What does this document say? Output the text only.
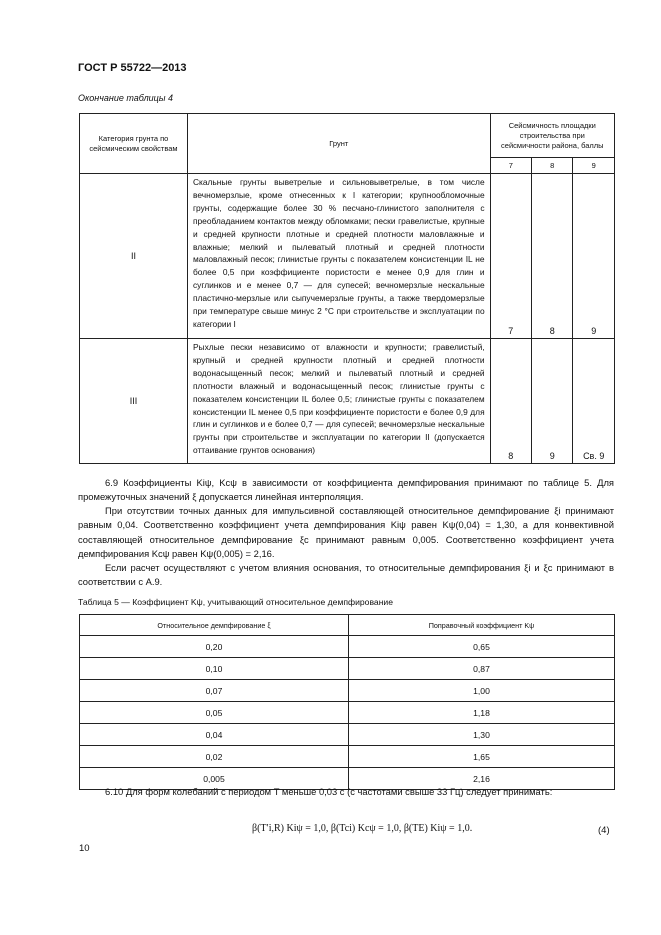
ГОСТ Р 55722—2013
Окончание таблицы 4
Категория грунта по сейсмическим свойствам	Грунт	Сейсмичность площадки строительства при сейсмичности района, баллы		
		7	8	9
II	Скальные грунты выветрелые и сильновыветрелые, в том числе вечномерзлые, кроме отнесенных к I категории; крупнообломочные грунты, содержащие более 30 % песчано-глинистого заполнителя с преобладанием контактов между обломками; пески гравелистые, крупные и средней крупности плотные и средней плотности маловлажные и влажные; мелкий и пылеватый плотный и средней плотности маловлажный песок; глинистые грунты с показателем консистенции IL не более 0,5 при коэффициенте пористости e менее 0,9 для глин и суглинков и e менее 0,7 — для супесей; вечномерзлые нескальные пластично-мерзлые или сыпучемерзлые грунты, а также твердомерзлые при температуре свыше минус 2 °С при строительстве и эксплуатации по категории I	7	8	9
III	Рыхлые пески независимо от влажности и крупности; гравелистый, крупный и средней крупности плотный и средней плотности водонасыщенный песок; мелкий и пылеватый плотный и средней плотности влажный и водонасыщенный песок; глинистые грунты с показателем консистенции IL более 0,5; глинистые грунты с показателем консистенции IL менее 0,5 при коэффициенте пористости e более 0,9 для глин и суглинков и e более 0,7 — для супесей; вечномерзлые нескальные грунты при строительстве и эксплуатации по категории II (допускается оттаивание грунтов основания)	8	9	Св. 9
6.9 Коэффициенты Kiψ, Kcψ в зависимости от коэффициента демпфирования принимают по таблице 5. Для промежуточных значений ξ допускается линейная интерполяция.
При отсутствии точных данных для импульсивной составляющей относительное демпфирование ξi принимают равным 0,04. Соответственно коэффициент учета демпфирования Kiψ равен Kψ(0,04) = 1,30, а для конвективной составляющей относительное демпфирование ξc принимают равным 0,005. Соответственно коэффициент учета демпфирования Kcψ равен Kψ(0,005) = 2,16.
Если расчет осуществляют с учетом влияния основания, то относительные демпфирования ξi и ξc принимают в соответствии с А.9.
Таблица 5 — Коэффициент Kψ, учитывающий относительное демпфирование
Относительное демпфирование ξ	Поправочный коэффициент Kψ
0,20	0,65
0,10	0,87
0,07	1,00
0,05	1,18
0,04	1,30
0,02	1,65
0,005	2,16
6.10 Для форм колебаний с периодом T меньше 0,03 с (с частотами свыше 33 Гц) следует принимать:
β(T′i,R) Kiψ = 1,0, β(Tci) Kcψ = 1,0, β(TE) Kiψ = 1,0.	(4)
10
